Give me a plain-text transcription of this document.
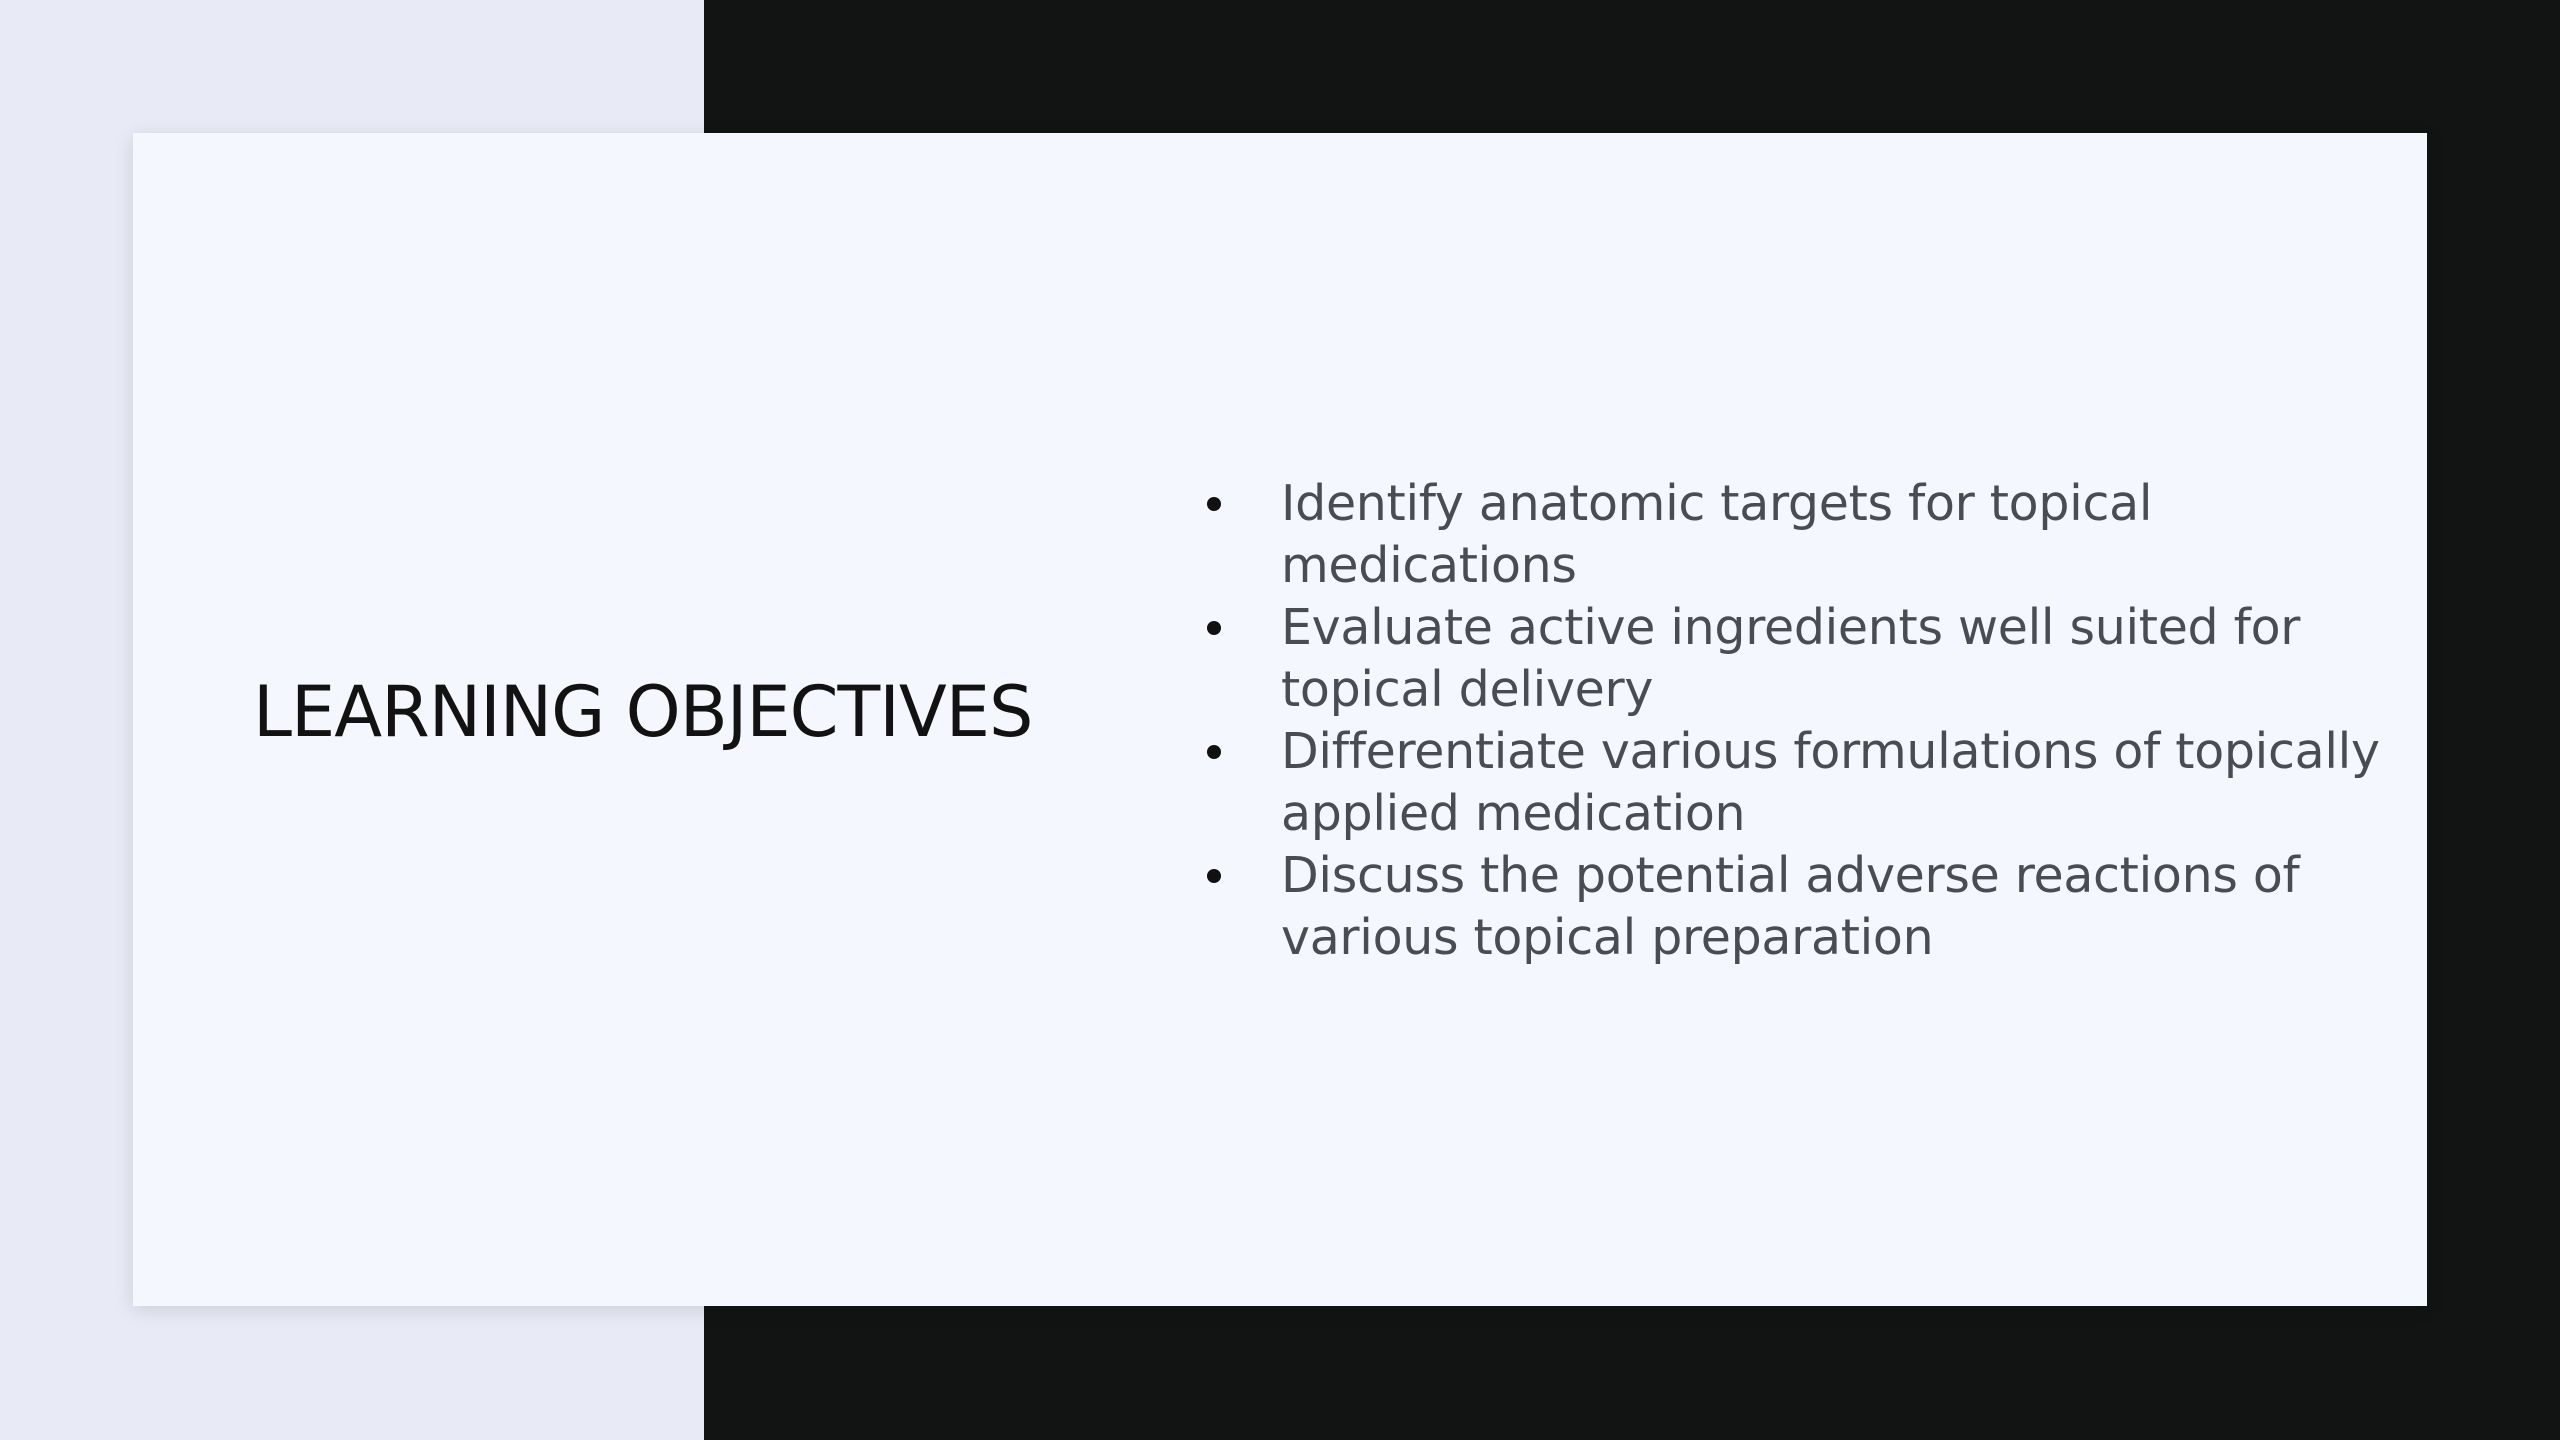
LEARNING OBJECTIVES
Identify anatomic targets for topical medications
Evaluate active ingredients well suited for topical delivery
Differentiate various formulations of topically applied medication
Discuss the potential adverse reactions of various topical preparation
